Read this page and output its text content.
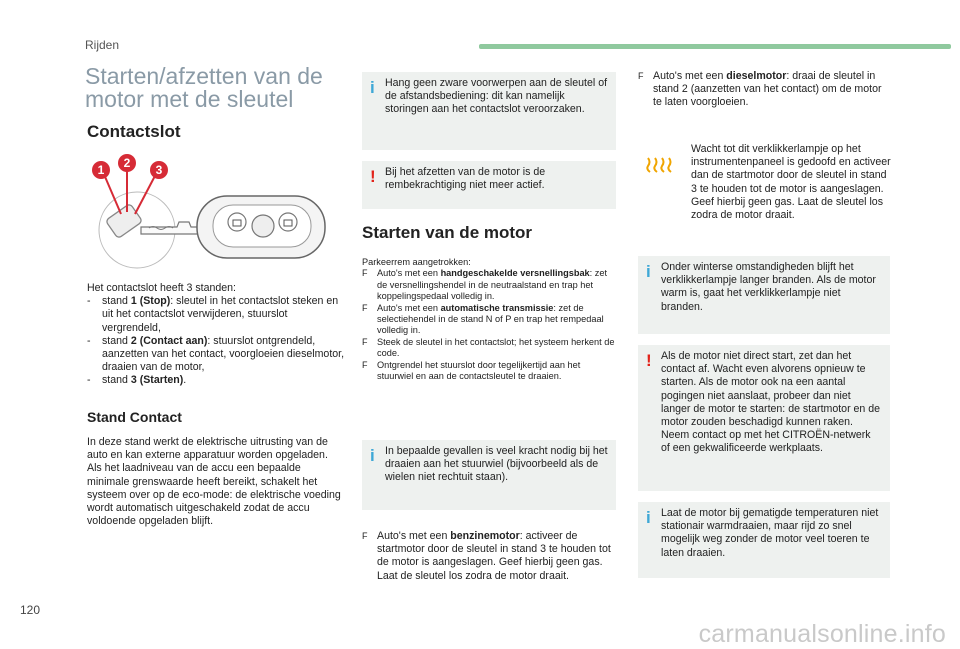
Rijden
Starten/afzetten van de motor met de sleutel
Contactslot
1 2 3
Het contactslot heeft 3 standen:
- stand 1 (Stop): sleutel in het contactslot steken en uit het contactslot verwijderen, stuurslot vergrendeld,
- stand 2 (Contact aan): stuurslot ontgrendeld, aanzetten van het contact, voorgloeien dieselmotor, draaien van de motor,
- stand 3 (Starten).
Stand Contact
In deze stand werkt de elektrische uitrusting van de auto en kan externe apparatuur worden opgeladen.
Als het laadniveau van de accu een bepaalde minimale grenswaarde heeft bereikt, schakelt het systeem over op de eco-mode: de elektrische voeding wordt automatisch uitgeschakeld zodat de accu voldoende opgeladen blijft.
i Hang geen zware voorwerpen aan de sleutel of de afstandsbediening: dit kan namelijk storingen aan het contactslot veroorzaken.
! Bij het afzetten van de motor is de rembekrachtiging niet meer actief.
Starten van de motor
Parkeerrem aangetrokken:
F Auto's met een handgeschakelde versnellingsbak: zet de versnellingshendel in de neutraalstand en trap het koppelingspedaal volledig in.
F Auto's met een automatische transmissie: zet de selectiehendel in de stand N of P en trap het rempedaal volledig in.
F Steek de sleutel in het contactslot; het systeem herkent de code.
F Ontgrendel het stuurslot door tegelijkertijd aan het stuurwiel en aan de contactsleutel te draaien.
i In bepaalde gevallen is veel kracht nodig bij het draaien aan het stuurwiel (bijvoorbeeld als de wielen niet rechtuit staan).
F Auto's met een benzinemotor: activeer de startmotor door de sleutel in stand 3 te houden tot de motor is aangeslagen. Geef hierbij geen gas. Laat de sleutel los zodra de motor draait.
F Auto's met een dieselmotor: draai de sleutel in stand 2 (aanzetten van het contact) om de motor te laten voorgloeien.
Wacht tot dit verklikkerlampje op het instrumentenpaneel is gedoofd en activeer dan de startmotor door de sleutel in stand 3 te houden tot de motor is aangeslagen. Geef hierbij geen gas. Laat de sleutel los zodra de motor draait.
i Onder winterse omstandigheden blijft het verklikkerlampje langer branden. Als de motor warm is, gaat het verklikkerlampje niet branden.
! Als de motor niet direct start, zet dan het contact af. Wacht even alvorens opnieuw te starten. Als de motor ook na een aantal pogingen niet aanslaat, probeer dan niet langer de motor te starten: de startmotor en de motor zouden beschadigd kunnen raken. Neem contact op met het CITROËN-netwerk of een gekwalificeerde werkplaats.
i Laat de motor bij gematigde temperaturen niet stationair warmdraaien, maar rijd zo snel mogelijk weg zonder de motor veel toeren te laten draaien.
120
carmanualsonline.info
